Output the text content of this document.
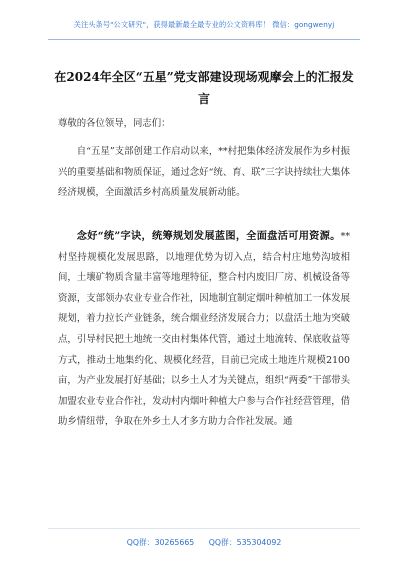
关注头条号"公文研究"，获得最新最全最专业的公文资料库！ 微信：gongwenyj
在2024年全区“五星”党支部建设现场观摩会上的汇报发言
尊敬的各位领导，同志们：
自“五星”支部创建工作启动以来，**村把集体经济发展作为乡村振兴的重要基础和物质保证，通过念好“统、育、联”三字诀持续壮大集体经济规模，全面激活乡村高质量发展新动能。
念好“统”字诀，统筹规划发展蓝图，全面盘活可用资源。**村坚持规模化发展思路，以地理优势为切入点，结合村庄地势沟坡相间，土壤矿物质含量丰富等地理特征，整合村内废旧厂房、机械设备等资源，支部领办农业专业合作社，因地制宜制定烟叶种植加工一体发展规划，着力拉长产业链条，统合烟业经济发展合力；以盘活土地为突破点，引导村民把土地统一交由村集体代管，通过土地流转、保底收益等方式，推动土地集约化、规模化经营，目前已完成土地连片规模2100亩，为产业发展打好基础；以乡土人才为关键点，组织“两委”干部带头加盟农业专业合作社，发动村内烟叶种植大户参与合作社经营管理，借助乡情纽带，争取在外乡土人才多方助力合作社发展。通
QQ群：30265665 QQ群：535304092
